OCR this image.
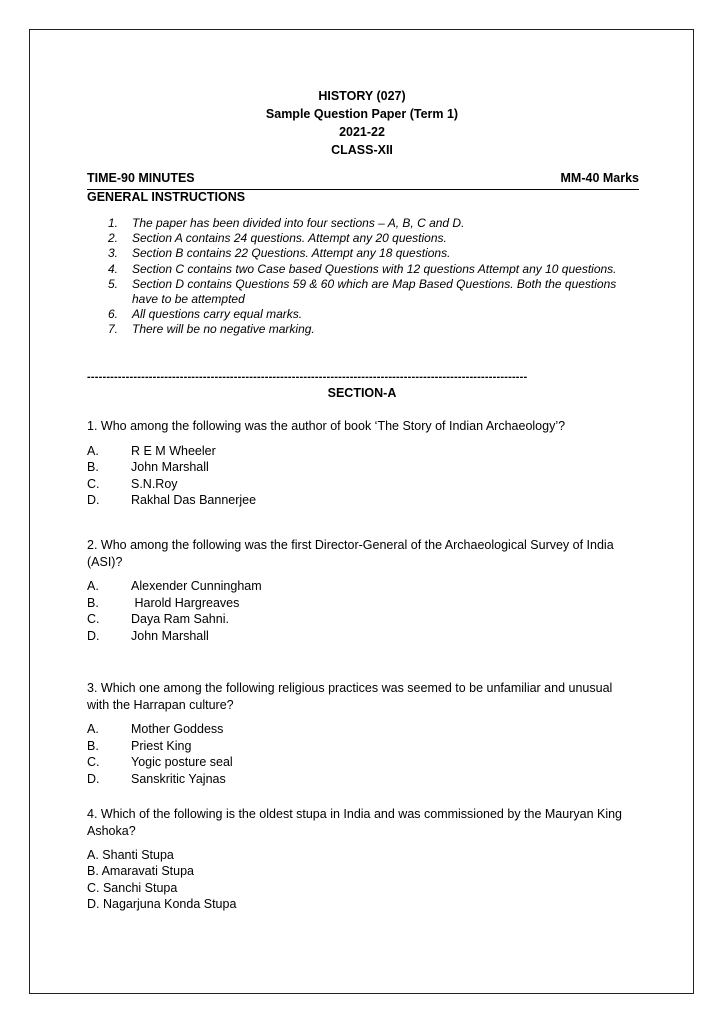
HISTORY (027)
Sample Question Paper (Term 1)
2021-22
CLASS-XII
TIME-90 MINUTES	MM-40 Marks
GENERAL INSTRUCTIONS
1. The paper has been divided into four sections – A, B, C and D.
2. Section A contains 24 questions. Attempt any 20 questions.
3. Section B contains 22 Questions. Attempt any 18 questions.
4. Section C contains two Case based Questions with 12 questions Attempt any 10 questions.
5. Section D contains Questions 59 & 60 which are Map Based Questions. Both the questions have to be attempted
6. All questions carry equal marks.
7. There will be no negative marking.
------------------------------------------------------------------------------------------------------------------
SECTION-A
1. Who among the following was the author of book ‘The Story of Indian Archaeology’?
A.	R E M Wheeler
B.	John Marshall
C.	S.N.Roy
D.	Rakhal Das Bannerjee
2. Who among the following was the first Director-General of the Archaeological Survey of India (ASI)?
A.	Alexender Cunningham
B.	Harold Hargreaves
C.	Daya Ram Sahni.
D.	John Marshall
3. Which one among the following religious practices was seemed to be unfamiliar and unusual with the Harrapan culture?
A.	Mother Goddess
B.	Priest King
C.	Yogic posture seal
D.	Sanskritic Yajnas
4. Which of the following is the oldest stupa in India and was commissioned by the Mauryan King Ashoka?
A. Shanti Stupa
B. Amaravati Stupa
C. Sanchi Stupa
D. Nagarjuna Konda Stupa
